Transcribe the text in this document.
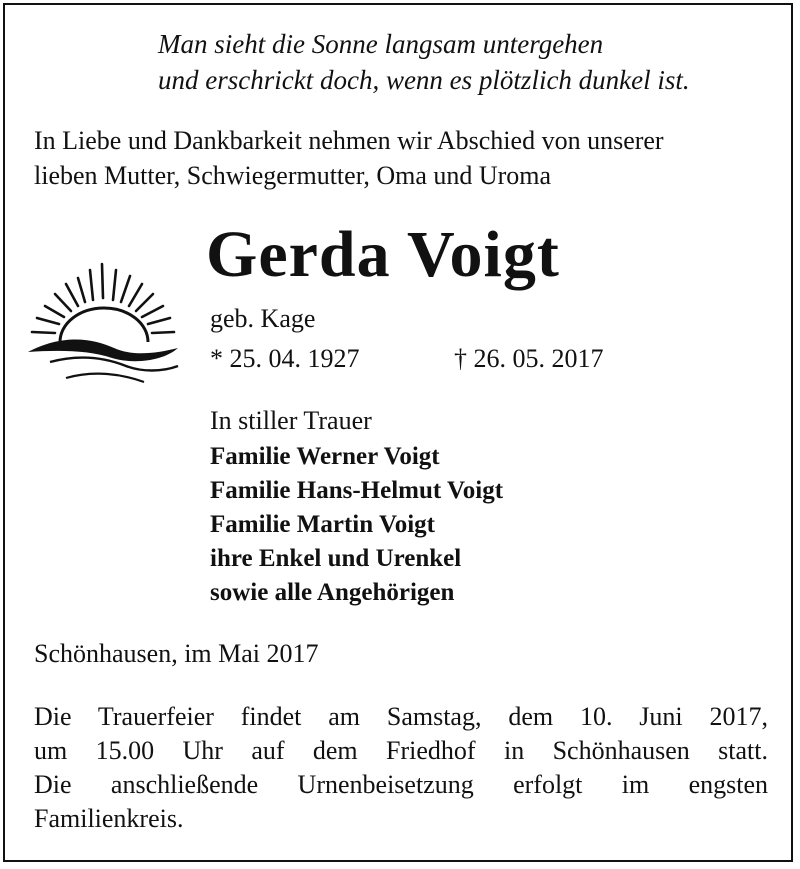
Man sieht die Sonne langsam untergehen
und erschrickt doch, wenn es plötzlich dunkel ist.
In Liebe und Dankbarkeit nehmen wir Abschied von unserer
lieben Mutter, Schwiegermutter, Oma und Uroma
Gerda Voigt
geb. Kage
* 25. 04. 1927	† 26. 05. 2017
In stiller Trauer
Familie Werner Voigt
Familie Hans-Helmut Voigt
Familie Martin Voigt
ihre Enkel und Urenkel
sowie alle Angehörigen
Schönhausen, im Mai 2017
Die Trauerfeier findet am Samstag, dem 10. Juni 2017,
um 15.00 Uhr auf dem Friedhof in Schönhausen statt.
Die anschließende Urnenbeisetzung erfolgt im engsten
Familienkreis.
